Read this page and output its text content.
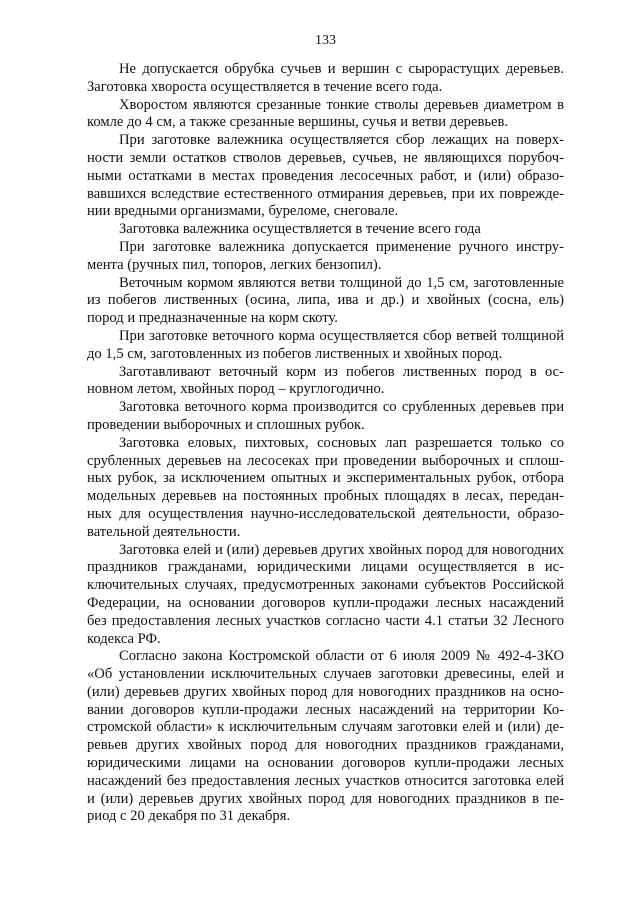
133

Не допускается обрубка сучьев и вершин с сырорастущих деревьев. Заготовка хвороста осуществляется в течение всего года.

Хворостом являются срезанные тонкие стволы деревьев диаметром в комле до 4 см, а также срезанные вершины, сучья и ветви деревьев.

При заготовке валежника осуществляется сбор лежащих на поверхности земли остатков стволов деревьев, сучьев, не являющихся порубочными остатками в местах проведения лесосечных работ, и (или) образовавшихся вследствие естественного отмирания деревьев, при их повреждении вредными организмами, буреломе, снеговале.

Заготовка валежника осуществляется в течение всего года

При заготовке валежника допускается применение ручного инструмента (ручных пил, топоров, легких бензопил).

Веточным кормом являются ветви толщиной до 1,5 см, заготовленные из побегов лиственных (осина, липа, ива и др.) и хвойных (сосна, ель) пород и предназначенные на корм скоту.

При заготовке веточного корма осуществляется сбор ветвей толщиной до 1,5 см, заготовленных из побегов лиственных и хвойных пород.

Заготавливают веточный корм из побегов лиственных пород в основном летом, хвойных пород – круглогодично.

Заготовка веточного корма производится со срубленных деревьев при проведении выборочных и сплошных рубок.

Заготовка еловых, пихтовых, сосновых лап разрешается только со срубленных деревьев на лесосеках при проведении выборочных и сплошных рубок, за исключением опытных и экспериментальных рубок, отбора модельных деревьев на постоянных пробных площадях в лесах, переданных для осуществления научно-исследовательской деятельности, образовательной деятельности.

Заготовка елей и (или) деревьев других хвойных пород для новогодних праздников гражданами, юридическими лицами осуществляется в исключительных случаях, предусмотренных законами субъектов Российской Федерации, на основании договоров купли-продажи лесных насаждений без предоставления лесных участков согласно части 4.1 статьи 32 Лесного кодекса РФ.

Согласно закона Костромской области от 6 июля 2009 № 492-4-ЗКО «Об установлении исключительных случаев заготовки древесины, елей и (или) деревьев других хвойных пород для новогодних праздников на основании договоров купли-продажи лесных насаждений на территории Костромской области» к исключительным случаям заготовки елей и (или) деревьев других хвойных пород для новогодних праздников гражданами, юридическими лицами на основании договоров купли-продажи лесных насаждений без предоставления лесных участков относится заготовка елей и (или) деревьев других хвойных пород для новогодних праздников в период с 20 декабря по 31 декабря.
